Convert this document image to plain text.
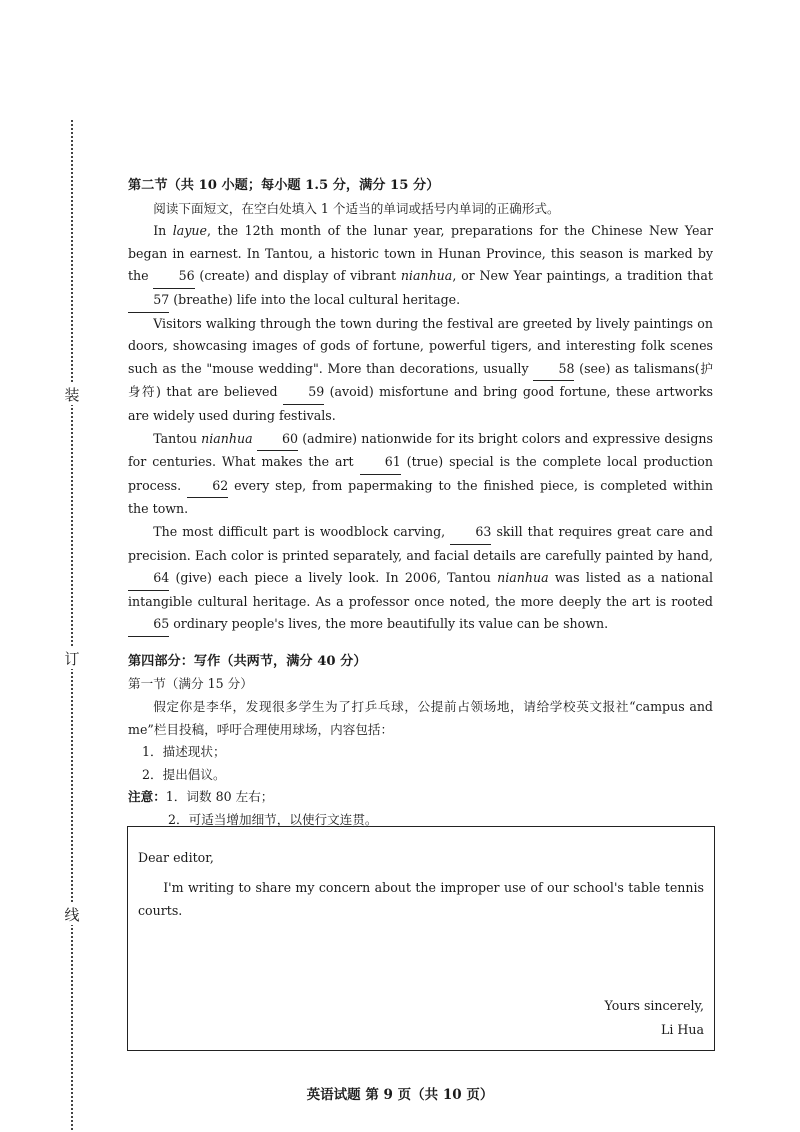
装
订
线

第二节（共 10 小题；每小题 1.5 分，满分 15 分）

阅读下面短文，在空白处填入 1 个适当的单词或括号内单词的正确形式。

In layue, the 12th month of the lunar year, preparations for the Chinese New Year began in earnest. In Tantou, a historic town in Hunan Province, this season is marked by the 56 (create) and display of vibrant nianhua, or New Year paintings, a tradition that 57 (breathe) life into the local cultural heritage.

Visitors walking through the town during the festival are greeted by lively paintings on doors, showcasing images of gods of fortune, powerful tigers, and interesting folk scenes such as the "mouse wedding". More than decorations, usually 58 (see) as talismans(护身符) that are believed 59 (avoid) misfortune and bring good fortune, these artworks are widely used during festivals.

Tantou nianhua 60 (admire) nationwide for its bright colors and expressive designs for centuries. What makes the art 61 (true) special is the complete local production process. 62 every step, from papermaking to the finished piece, is completed within the town.

The most difficult part is woodblock carving, 63 skill that requires great care and precision. Each color is printed separately, and facial details are carefully painted by hand, 64 (give) each piece a lively look. In 2006, Tantou nianhua was listed as a national intangible cultural heritage. As a professor once noted, the more deeply the art is rooted 65 ordinary people's lives, the more beautifully its value can be shown.

第四部分：写作（共两节，满分 40 分）

第一节（满分 15 分）

假定你是李华，发现很多学生为了打乒乓球，公提前占领场地，请给学校英文报社“campus and me”栏目投稿，呼吁合理使用球场，内容包括：

1．描述现状；

2．提出倡议。

注意：1．词数 80 左右；

2．可适当增加细节，以使行文连贯。

Dear editor,

I'm writing to share my concern about the improper use of our school's table tennis courts.

Yours sincerely,

Li Hua

英语试题 第 9 页（共 10 页）
